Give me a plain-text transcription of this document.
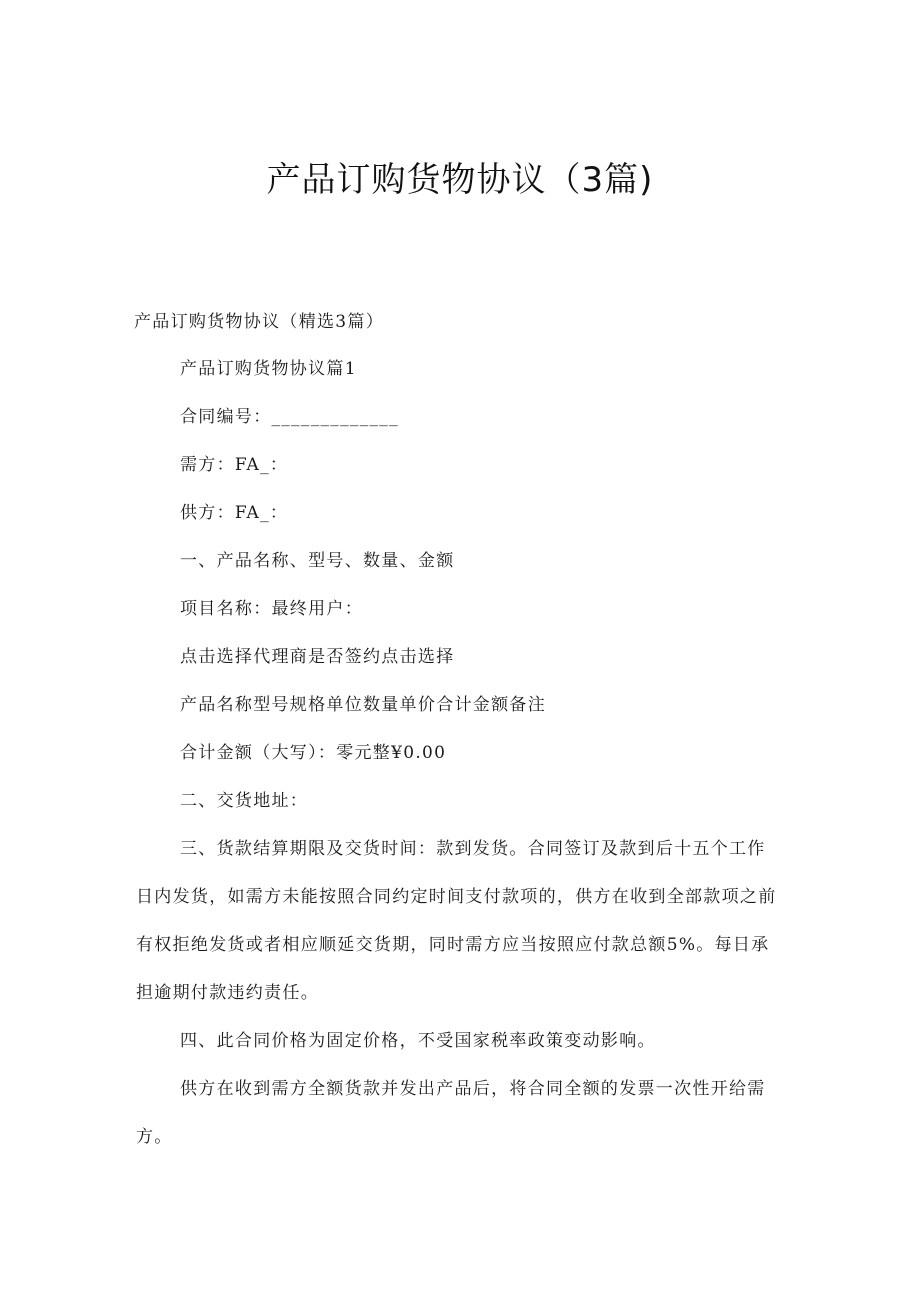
产品订购货物协议（3篇)

产品订购货物协议（精选3篇）

产品订购货物协议篇1

合同编号：_____________

需方：FA_：

供方：FA_：

一、产品名称、型号、数量、金额

项目名称：最终用户：

点击选择代理商是否签约点击选择

产品名称型号规格单位数量单价合计金额备注

合计金额（大写）：零元整¥0.00

二、交货地址：

三、货款结算期限及交货时间：款到发货。合同签订及款到后十五个工作

日内发货，如需方未能按照合同约定时间支付款项的，供方在收到全部款项之前

有权拒绝发货或者相应顺延交货期，同时需方应当按照应付款总额5%。每日承

担逾期付款违约责任。

四、此合同价格为固定价格，不受国家税率政策变动影响。

供方在收到需方全额货款并发出产品后，将合同全额的发票一次性开给需

方。
